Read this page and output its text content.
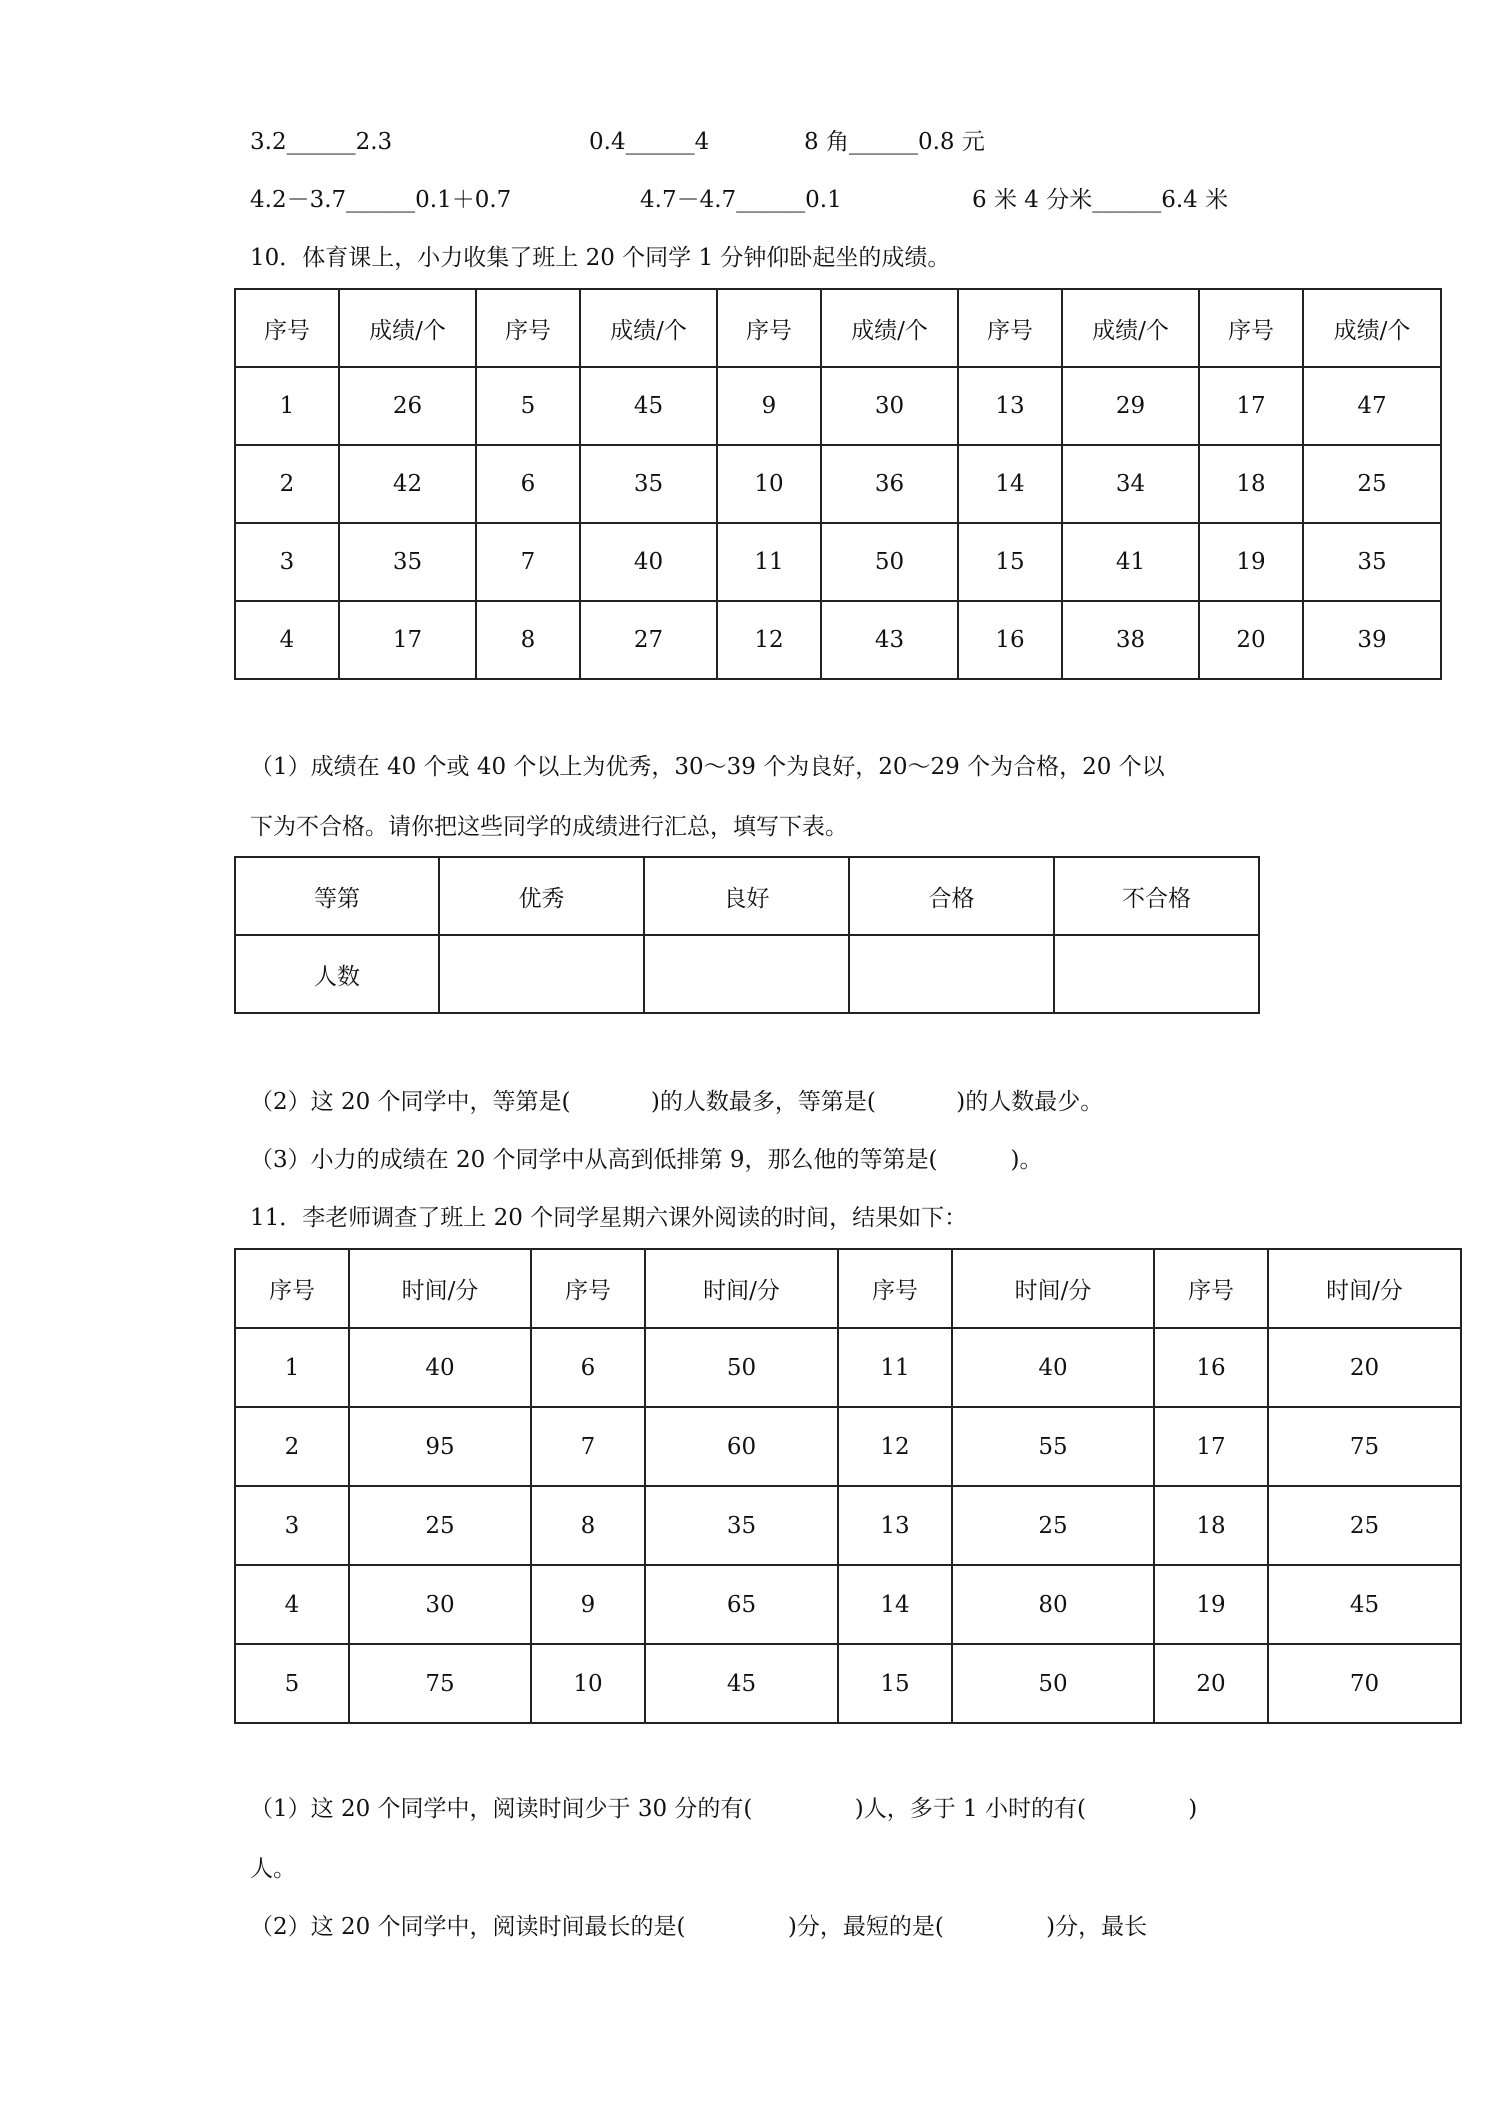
3.2______2.3	0.4______4	8 角______0.8 元
4.2－3.7______0.1＋0.7	4.7－4.7______0.1	6 米 4 分米______6.4 米
10．体育课上，小力收集了班上 20 个同学 1 分钟仰卧起坐的成绩。
序号	成绩/个	序号	成绩/个	序号	成绩/个	序号	成绩/个	序号	成绩/个
1	26	5	45	9	30	13	29	17	47
2	42	6	35	10	36	14	34	18	25
3	35	7	40	11	50	15	41	19	35
4	17	8	27	12	43	16	38	20	39
（1）成绩在 40 个或 40 个以上为优秀，30～39 个为良好，20～29 个为合格，20 个以
下为不合格。请你把这些同学的成绩进行汇总，填写下表。
等第	优秀	良好	合格	不合格
人数				
（2）这 20 个同学中，等第是(           )的人数最多，等第是(           )的人数最少。
（3）小力的成绩在 20 个同学中从高到低排第 9，那么他的等第是(          )。
11．李老师调查了班上 20 个同学星期六课外阅读的时间，结果如下：
序号	时间/分	序号	时间/分	序号	时间/分	序号	时间/分
1	40	6	50	11	40	16	20
2	95	7	60	12	55	17	75
3	25	8	35	13	25	18	25
4	30	9	65	14	80	19	45
5	75	10	45	15	50	20	70
（1）这 20 个同学中，阅读时间少于 30 分的有(              )人，多于 1 小时的有(              )
人。
（2）这 20 个同学中，阅读时间最长的是(              )分，最短的是(              )分，最长
